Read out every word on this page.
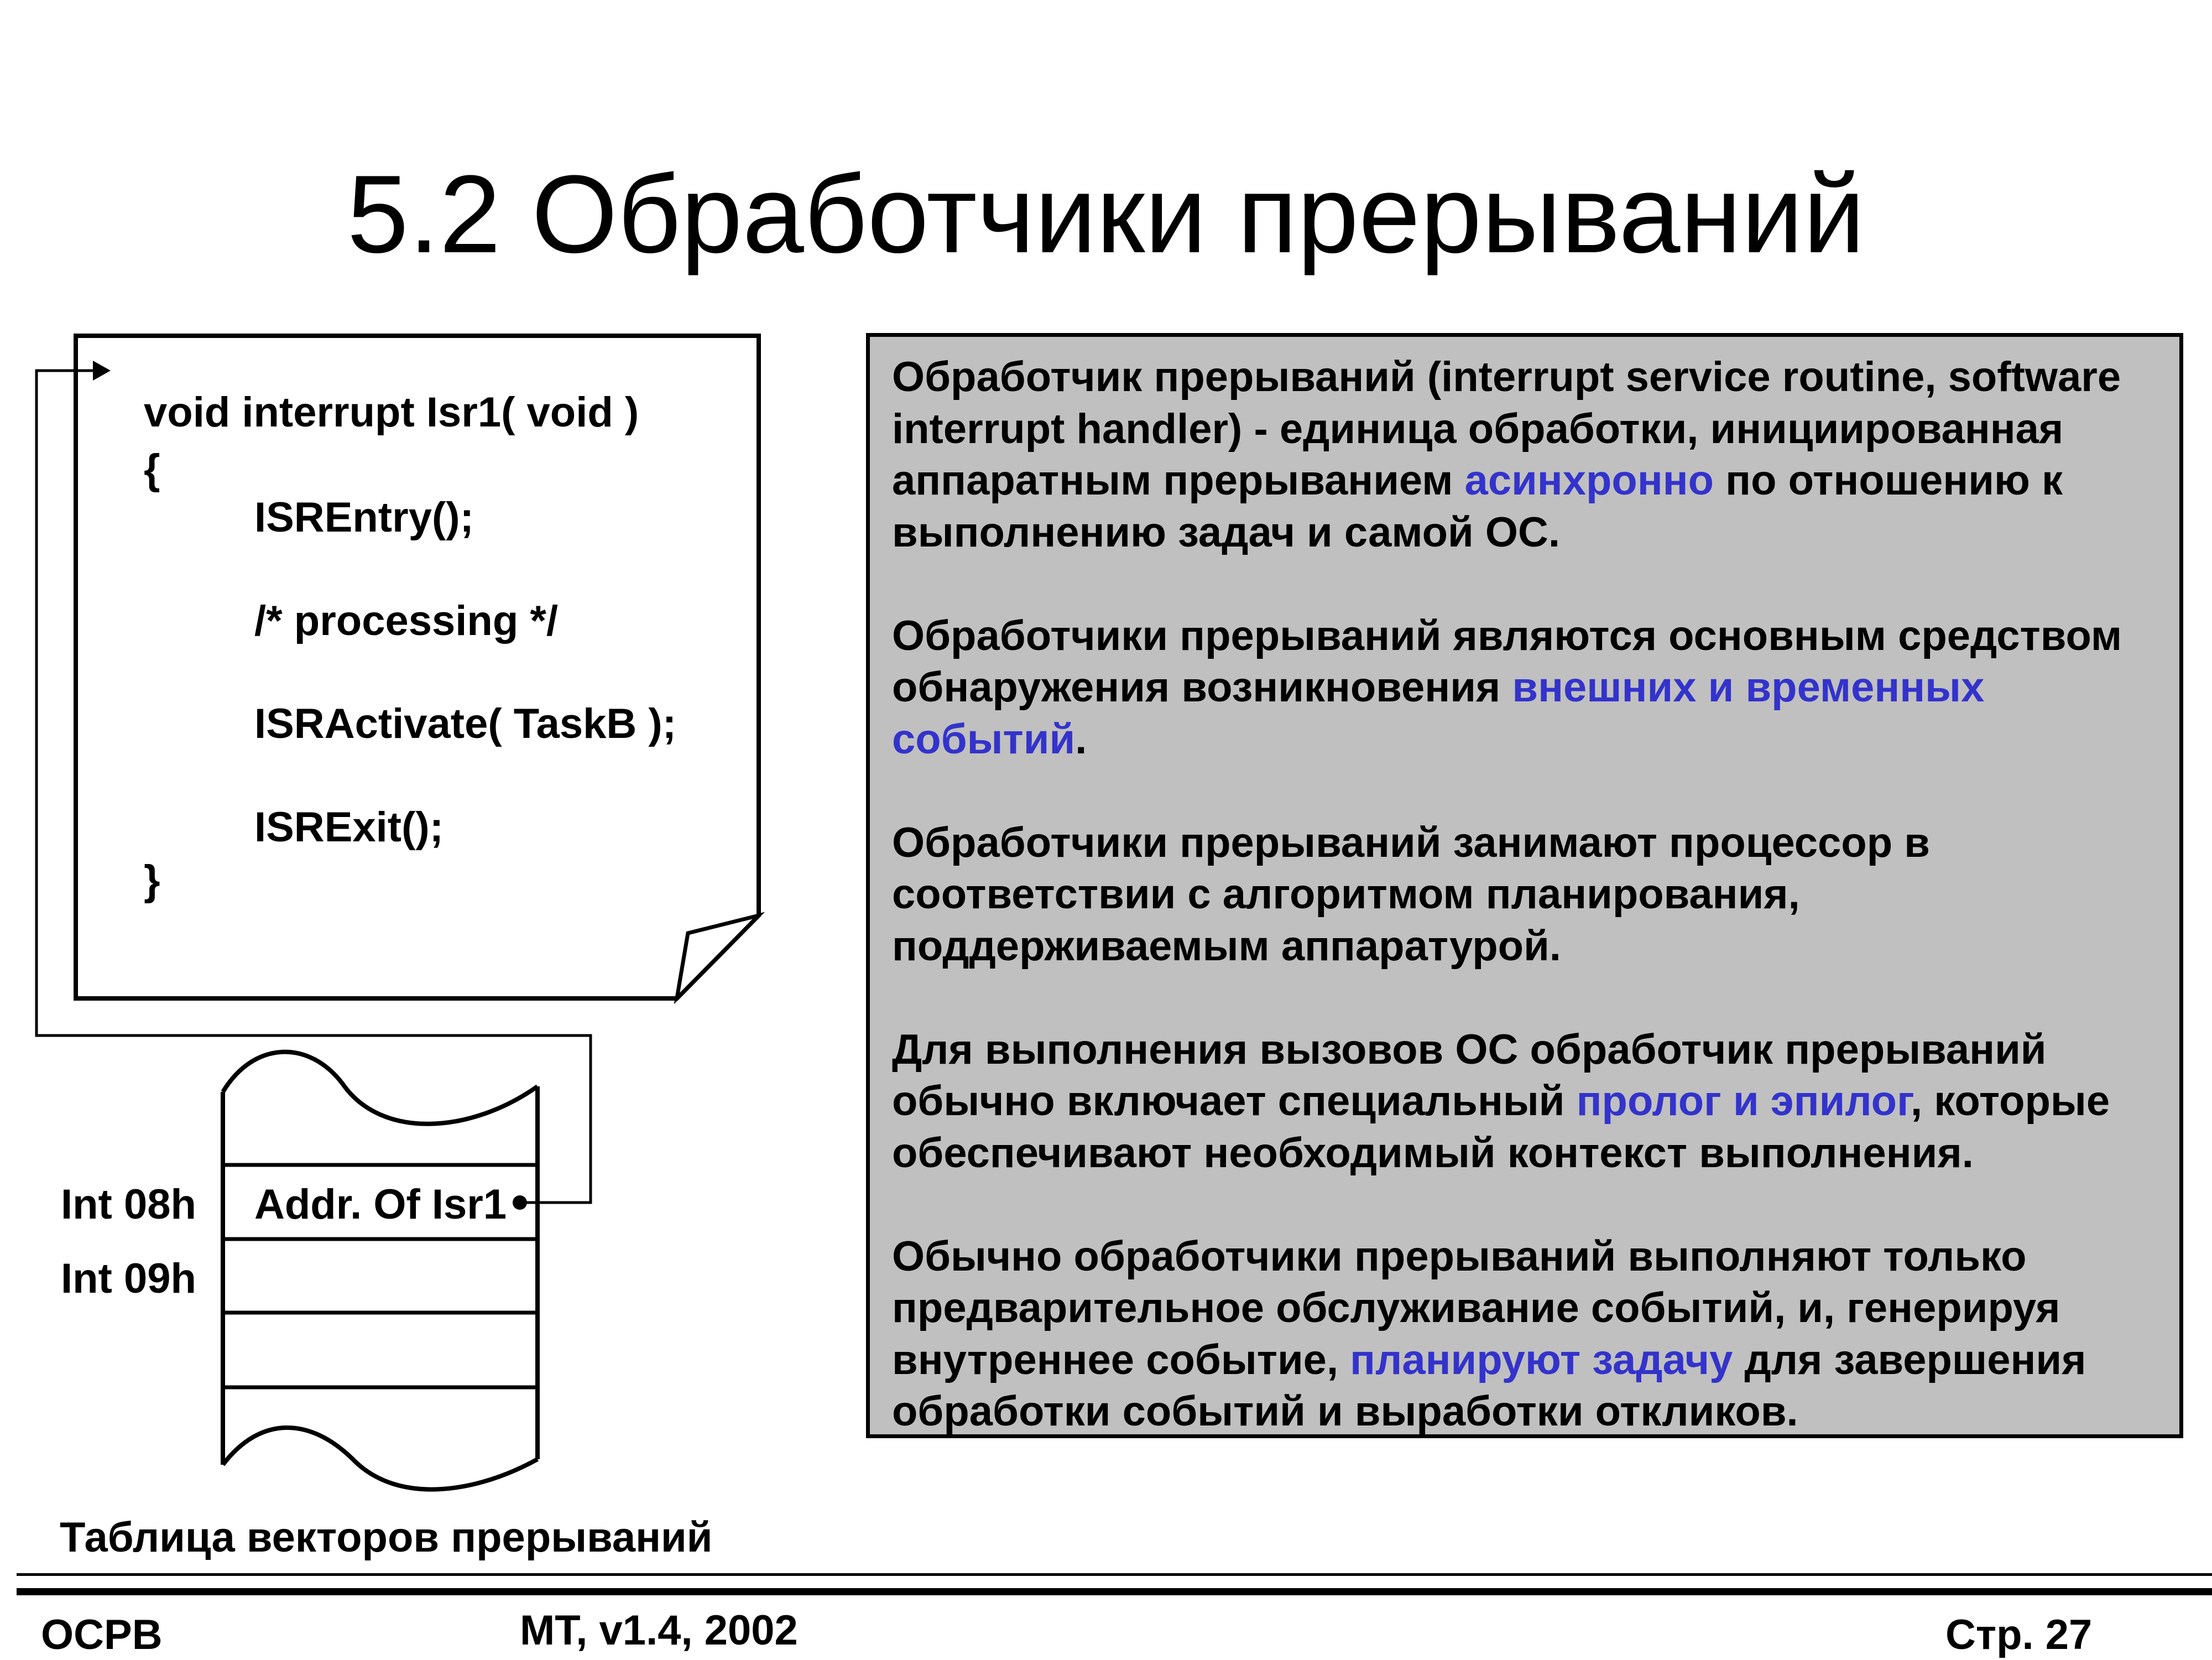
5.2 Обработчики прерываний
void interrupt Isr1( void )
{
ISREntry();
/* processing */
ISRActivate( TaskB );
ISRExit();
}
Int 08h Addr. Of Isr1
Int 09h
Таблица векторов прерываний
Обработчик прерываний (interrupt service routine, software
interrupt handler) - единица обработки, инициированная
аппаратным прерыванием асинхронно по отношению к
выполнению задач и самой ОС.
Обработчики прерываний являются основным средством
обнаружения возникновения внешних и временных
событий.
Обработчики прерываний занимают процессор в
соответствии с алгоритмом планирования,
поддерживаемым аппаратурой.
Для выполнения вызовов ОС обработчик прерываний
обычно включает специальный пролог и эпилог, которые
обеспечивают необходимый контекст выполнения.
Обычно обработчики прерываний выполняют только
предварительное обслуживание событий, и, генерируя
внутреннее событие, планируют задачу для завершения
обработки событий и выработки откликов.
OCPB	MT, v1.4, 2002	Стр. 27
